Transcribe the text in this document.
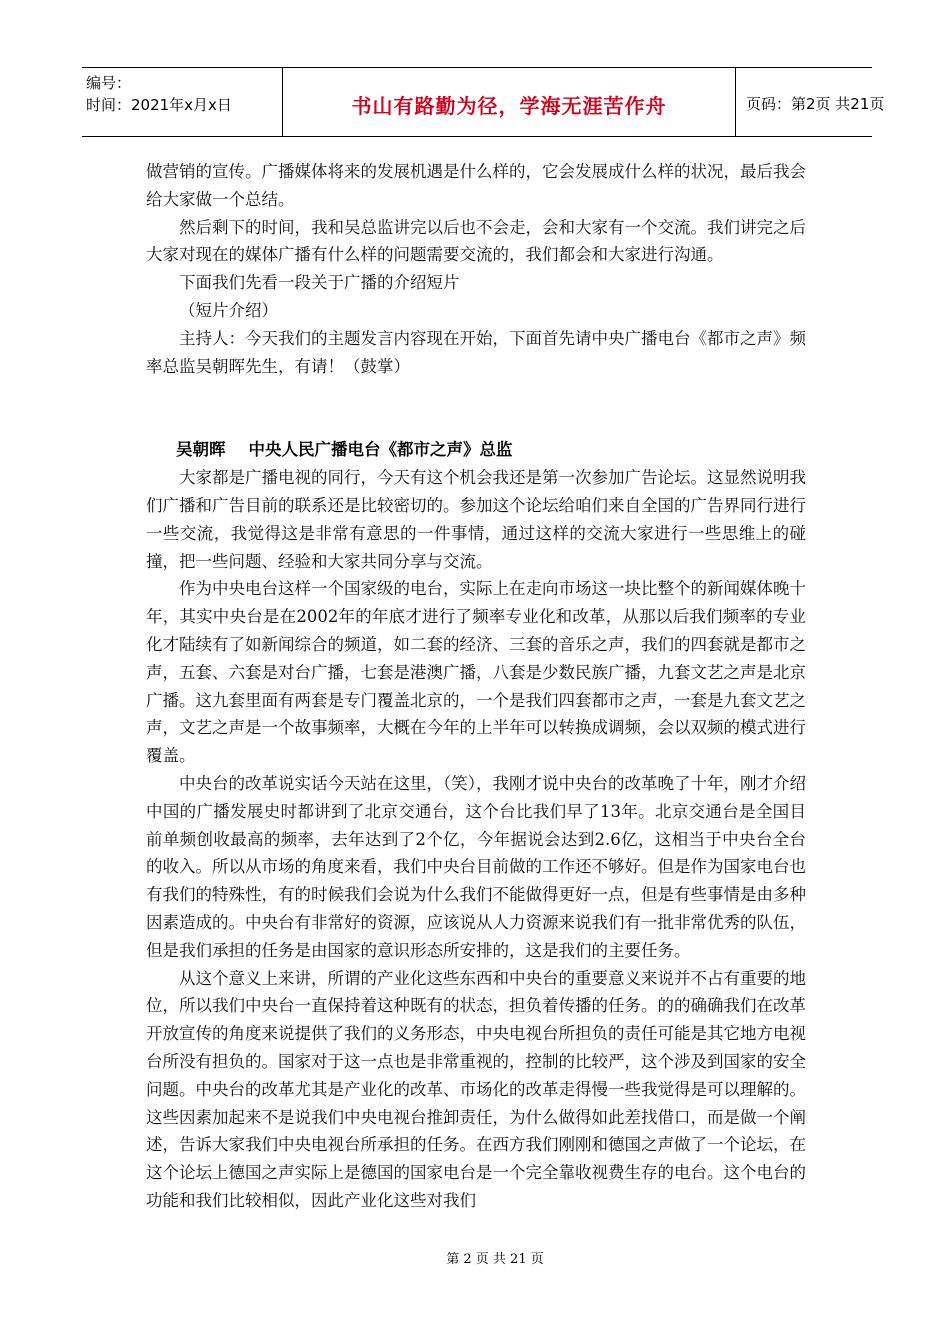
编号：
时间：2021年x月x日	书山有路勤为径，学海无涯苦作舟	页码：第2页 共21页

做营销的宣传。广播媒体将来的发展机遇是什么样的，它会发展成什么样的状况，最后我会给大家做一个总结。

然后剩下的时间，我和吴总监讲完以后也不会走，会和大家有一个交流。我们讲完之后大家对现在的媒体广播有什么样的问题需要交流的，我们都会和大家进行沟通。

下面我们先看一段关于广播的介绍短片

（短片介绍）

主持人：今天我们的主题发言内容现在开始，下面首先请中央广播电台《都市之声》频率总监吴朝晖先生，有请！（鼓掌）

吴朝晖    中央人民广播电台《都市之声》总监

大家都是广播电视的同行，今天有这个机会我还是第一次参加广告论坛。这显然说明我们广播和广告目前的联系还是比较密切的。参加这个论坛给咱们来自全国的广告界同行进行一些交流，我觉得这是非常有意思的一件事情，通过这样的交流大家进行一些思维上的碰撞，把一些问题、经验和大家共同分享与交流。

作为中央电台这样一个国家级的电台，实际上在走向市场这一块比整个的新闻媒体晚十年，其实中央台是在2002年的年底才进行了频率专业化和改革，从那以后我们频率的专业化才陆续有了如新闻综合的频道，如二套的经济、三套的音乐之声，我们的四套就是都市之声，五套、六套是对台广播，七套是港澳广播，八套是少数民族广播，九套文艺之声是北京广播。这九套里面有两套是专门覆盖北京的，一个是我们四套都市之声，一套是九套文艺之声，文艺之声是一个故事频率，大概在今年的上半年可以转换成调频，会以双频的模式进行覆盖。

中央台的改革说实话今天站在这里，（笑），我刚才说中央台的改革晚了十年，刚才介绍中国的广播发展史时都讲到了北京交通台，这个台比我们早了13年。北京交通台是全国目前单频创收最高的频率，去年达到了2个亿，今年据说会达到2.6亿，这相当于中央台全台的收入。所以从市场的角度来看，我们中央台目前做的工作还不够好。但是作为国家电台也有我们的特殊性，有的时候我们会说为什么我们不能做得更好一点，但是有些事情是由多种因素造成的。中央台有非常好的资源，应该说从人力资源来说我们有一批非常优秀的队伍，但是我们承担的任务是由国家的意识形态所安排的，这是我们的主要任务。

从这个意义上来讲，所谓的产业化这些东西和中央台的重要意义来说并不占有重要的地位，所以我们中央台一直保持着这种既有的状态，担负着传播的任务。的的确确我们在改革开放宣传的角度来说提供了我们的义务形态，中央电视台所担负的责任可能是其它地方电视台所没有担负的。国家对于这一点也是非常重视的，控制的比较严，这个涉及到国家的安全问题。中央台的改革尤其是产业化的改革、市场化的改革走得慢一些我觉得是可以理解的。这些因素加起来不是说我们中央电视台推卸责任，为什么做得如此差找借口，而是做一个阐述，告诉大家我们中央电视台所承担的任务。在西方我们刚刚和德国之声做了一个论坛，在这个论坛上德国之声实际上是德国的国家电台是一个完全靠收视费生存的电台。这个电台的功能和我们比较相似，因此产业化这些对我们

第 2 页 共 21 页
